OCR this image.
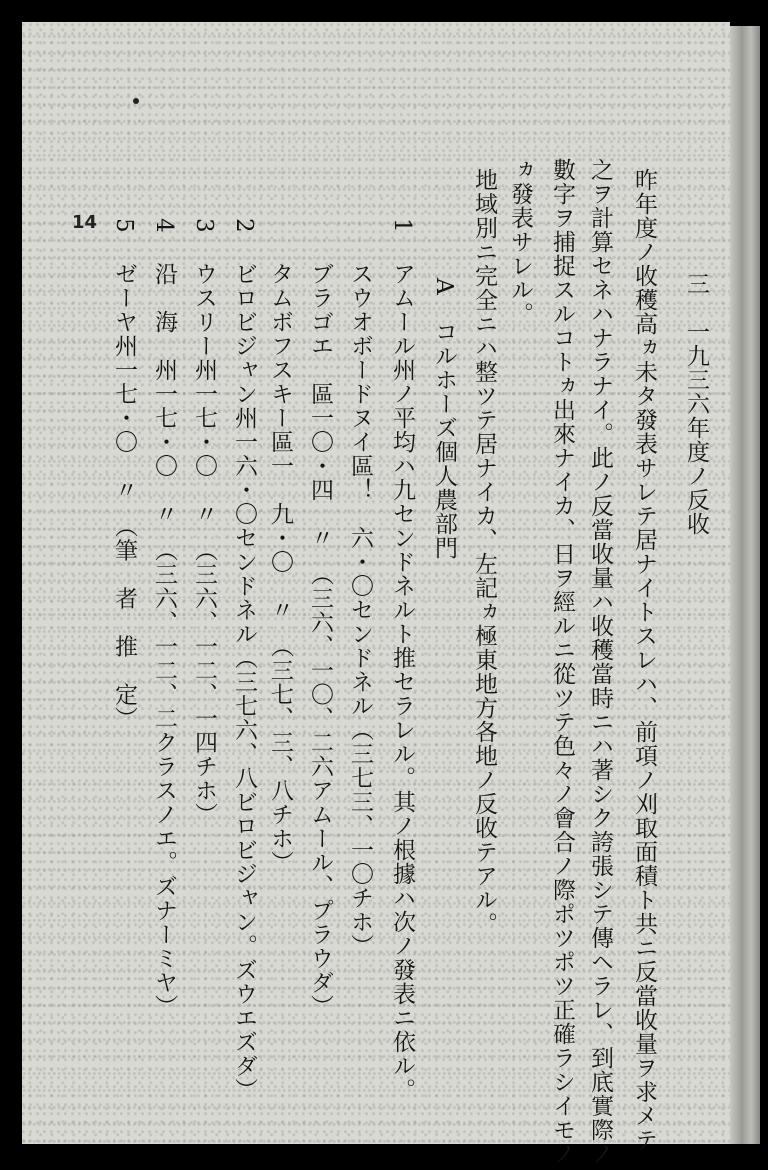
三　一九三六年度ノ反收
昨年度ノ收穫高ヵ未タ發表サレテ居ナイトスレハ、前項ノ刈取面積ト共ニ反當收量ヲ求メテ
之ヲ計算セネハナラナイ。此ノ反當收量ハ收穫當時ニハ著シク誇張シテ傳ヘラレ、到底實際ノ
數字ヲ捕捉スルコトヵ出來ナイカ、日ヲ經ルニ從ツテ色々ノ會合ノ際ポツポツ正確ラシイモノ
ヵ發表サレル。
地域別ニ完全ニハ整ツテ居ナイカ、左記ヵ極東地方各地ノ反收テアル。
A　コルホーズ個人農部門
1
アムール州ノ平均ハ九センドネルト推セラレル。其ノ根據ハ次ノ發表ニ依ル。
スウオボードヌイ區！　六・〇センドネル（三七三、一〇チホ）
ブラゴエ　區一〇・四　〃　（三六、一〇、二六アムール、プラウダ）
タムボフスキー區一　九・〇　〃　（三七、三、八チホ）
2
ビロビジャン州一六・〇センドネル（三七六、八ビロビジャン。ズウエズダ）
3
ウスリー州一七・〇　〃　（三六、一二、一四チホ）
4
沿　海　州一七・〇　〃　（三六、一二、二クラスノエ。ズナーミヤ）
5
ゼーヤ州一七・〇　〃　（筆　者　推　定）
14
